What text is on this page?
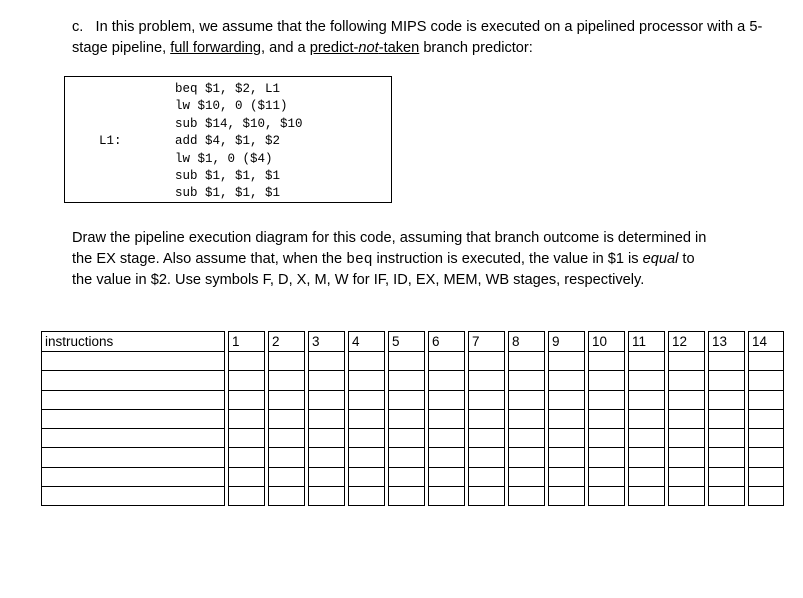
c. In this problem, we assume that the following MIPS code is executed on a pipelined processor with a 5-stage pipeline, full forwarding, and a predict-not-taken branch predictor:
beq $1, $2, L1
lw $10, 0 ($11)
sub $14, $10, $10
L1:	add $4, $1, $2
lw $1, 0 ($4)
sub $1, $1, $1
sub $1, $1, $1
Draw the pipeline execution diagram for this code, assuming that branch outcome is determined in the EX stage. Also assume that, when the beq instruction is executed, the value in $1 is equal to the value in $2. Use symbols F, D, X, M, W for IF, ID, EX, MEM, WB stages, respectively.
instructions		1		2		3		4		5		6		7		8		9		10		11		12		13		14
